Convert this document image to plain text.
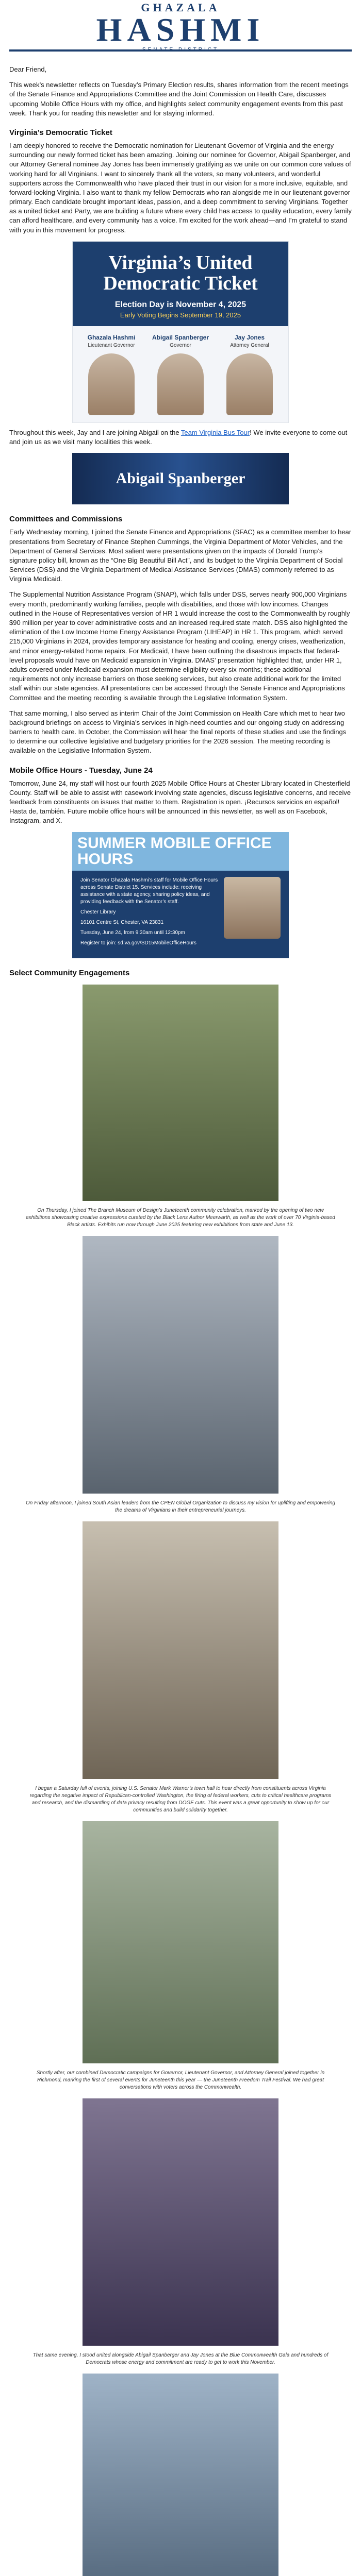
GHAZALA
HASHMI
SENATE DISTRICT

Dear Friend,

This week’s newsletter reflects on Tuesday’s Primary Election results, shares information from the recent meetings of the Senate Finance and Appropriations Committee and the Joint Commission on Health Care, discusses upcoming Mobile Office Hours with my office, and highlights select community engagement events from this past week. Thank you for reading this newsletter and for staying informed.

Virginia’s Democratic Ticket

I am deeply honored to receive the Democratic nomination for Lieutenant Governor of Virginia and the energy surrounding our newly formed ticket has been amazing. Joining our nominee for Governor, Abigail Spanberger, and our Attorney General nominee Jay Jones has been immensely gratifying as we unite on our common core values of working hard for all Virginians. I want to sincerely thank all the voters, so many volunteers, and wonderful supporters across the Commonwealth who have placed their trust in our vision for a more inclusive, equitable, and forward-looking Virginia. I also want to thank my fellow Democrats who ran alongside me in our lieutenant governor primary. Each candidate brought important ideas, passion, and a deep commitment to serving Virginians. Together as a united ticket and Party, we are building a future where every child has access to quality education, every family can afford healthcare, and every community has a voice. I’m excited for the work ahead—and I’m grateful to stand with you in this movement for progress.

Virginia’s United Democratic Ticket
Election Day is November 4, 2025
Early Voting Begins September 19, 2025
Ghazala Hashmi
Lieutenant Governor
Abigail Spanberger
Governor
Jay Jones
Attorney General

Throughout this week, Jay and I are joining Abigail on the Team Virginia Bus Tour! We invite everyone to come out and join us as we visit many localities this week.

Abigail Spanberger
Committees and Commissions

Early Wednesday morning, I joined the Senate Finance and Appropriations (SFAC) as a committee member to hear presentations from Secretary of Finance Stephen Cummings, the Virginia Department of Motor Vehicles, and the Department of General Services. Most salient were presentations given on the impacts of Donald Trump’s signature policy bill, known as the “One Big Beautiful Bill Act”, and its budget to the Virginia Department of Social Services (DSS) and the Virginia Department of Medical Assistance Services (DMAS) commonly referred to as Virginia Medicaid.

The Supplemental Nutrition Assistance Program (SNAP), which falls under DSS, serves nearly 900,000 Virginians every month, predominantly working families, people with disabilities, and those with low incomes. Changes outlined in the House of Representatives version of HR 1 would increase the cost to the Commonwealth by roughly $90 million per year to cover administrative costs and an increased required state match. DSS also highlighted the elimination of the Low Income Home Energy Assistance Program (LIHEAP) in HR 1. This program, which served 215,000 Virginians in 2024, provides temporary assistance for heating and cooling, energy crises, weatherization, and minor energy-related home repairs. For Medicaid, I have been outlining the disastrous impacts that federal-level proposals would have on Medicaid expansion in Virginia. DMAS’ presentation highlighted that, under HR 1, adults covered under Medicaid expansion must determine eligibility every six months; these additional requirements not only increase barriers on those seeking services, but also create additional work for the limited staff within our state agencies. All presentations can be accessed through the Senate Finance and Appropriations Committee and the meeting recording is available through the Legislative Information System.

That same morning, I also served as interim Chair of the Joint Commission on Health Care which met to hear two background briefings on access to Virginia’s services in high-need counties and our ongoing study on addressing barriers to health care. In October, the Commission will hear the final reports of these studies and use the findings to determine our collective legislative and budgetary priorities for the 2026 session. The meeting recording is available on the Legislative Information System.

Mobile Office Hours - Tuesday, June 24

Tomorrow, June 24, my staff will host our fourth 2025 Mobile Office Hours at Chester Library located in Chesterfield County. Staff will be able to assist with casework involving state agencies, discuss legislative concerns, and receive feedback from constituents on issues that matter to them. Registration is open. ¡Recursos servicios en español! Hasta de, también. Future mobile office hours will be announced in this newsletter, as well as on Facebook, Instagram, and X.

SUMMER MOBILE OFFICE HOURS
Join Senator Ghazala Hashmi’s staff for Mobile Office Hours across Senate District 15. Services include: receiving assistance with a state agency, sharing policy ideas, and providing feedback with the Senator’s staff.
Chester Library
16101 Centre St, Chester, VA 23831
Tuesday, June 24, from 9:30am until 12:30pm
Register to join: sd.va.gov/SD15MobileOfficeHours
Select Community Engagements
On Thursday, I joined The Branch Museum of Design’s Juneteenth community celebration, marked by the opening of two new exhibitions showcasing creative expressions curated by the Black Lens Author Meerwarth, as well as the work of over 70 Virginia-based Black artists. Exhibits run now through June 2025 featuring new exhibitions from state and June 13.
On Friday afternoon, I joined South Asian leaders from the CPEN Global Organization to discuss my vision for uplifting and empowering the dreams of Virginians in their entrepreneurial journeys.
I began a Saturday full of events, joining U.S. Senator Mark Warner’s town hall to hear directly from constituents across Virginia regarding the negative impact of Republican-controlled Washington, the firing of federal workers, cuts to critical healthcare programs and research, and the dismantling of data privacy resulting from DOGE cuts. This event was a great opportunity to show up for our communities and build solidarity together.
Shortly after, our combined Democratic campaigns for Governor, Lieutenant Governor, and Attorney General joined together in Richmond, marking the first of several events for Juneteenth this year — the Juneteenth Freedom Trail Festival. We had great conversations with voters across the Commonwealth.
That same evening, I stood united alongside Abigail Spanberger and Jay Jones at the Blue Commonwealth Gala and hundreds of Democrats whose energy and commitment are ready to get to work this November.
